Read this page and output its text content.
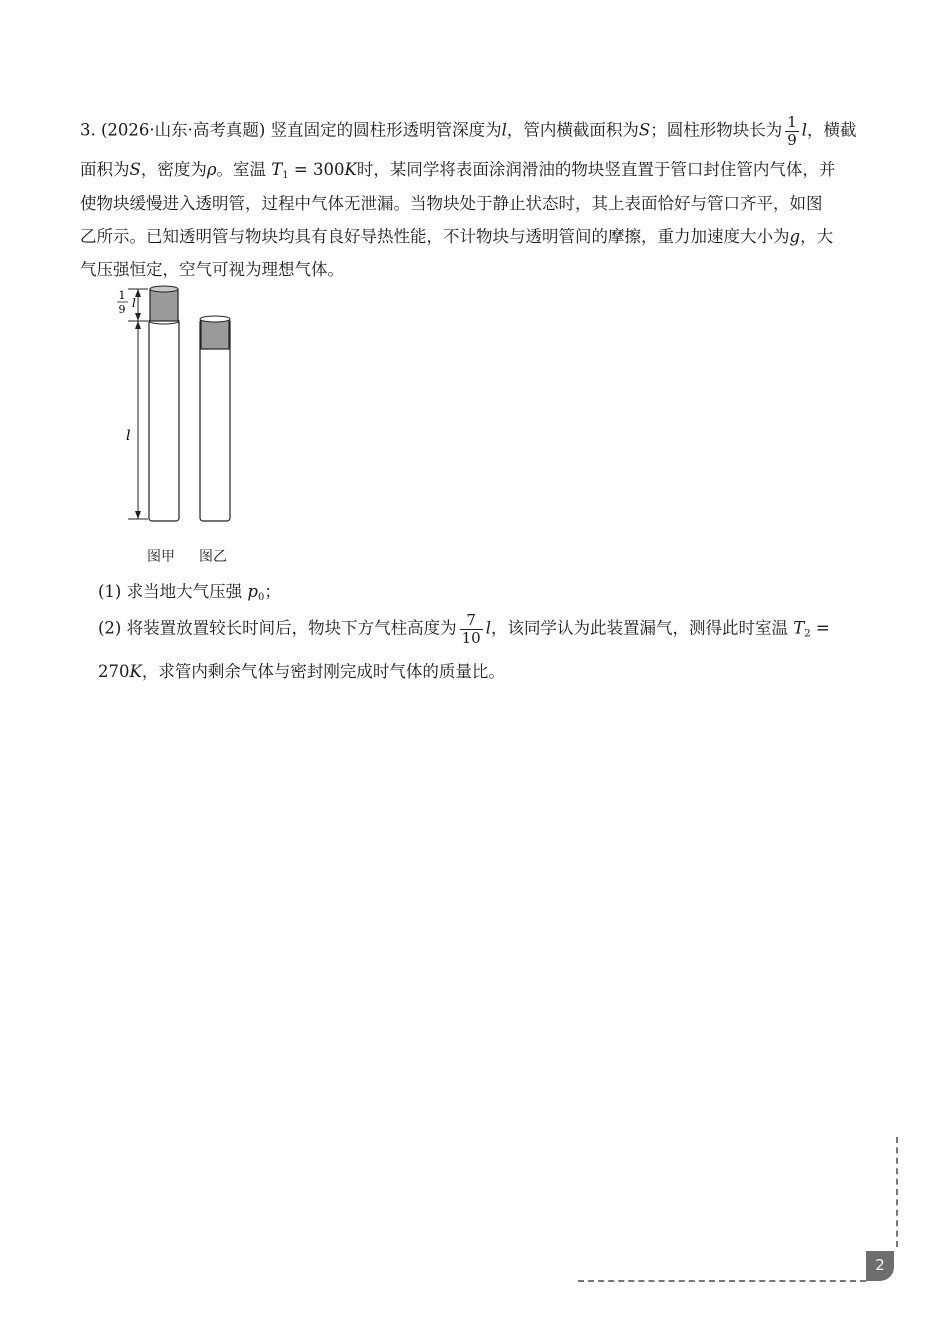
3. (2026·山东·高考真题) 竖直固定的圆柱形透明管深度为l，管内横截面积为S；圆柱形物块长为 $\frac{1}{9}$ l，横截
面积为S，密度为ρ。室温 $T_1 = 300K$时，某同学将表面涂润滑油的物块竖直置于管口封住管内气体，并
使物块缓慢进入透明管，过程中气体无泄漏。当物块处于静止状态时，其上表面恰好与管口齐平，如图
乙所示。已知透明管与物块均具有良好导热性能，不计物块与透明管间的摩擦，重力加速度大小为g，大
气压强恒定，空气可视为理想气体。
1
9 l
l
图甲 图乙
(1) 求当地大气压强 $p_0$；
(2) 将装置放置较长时间后，物块下方气柱高度为 $\frac{7}{10}$ l，该同学认为此装置漏气，测得此时室温 $T_2$ =
270K，求管内剩余气体与密封刚完成时气体的质量比。
2
